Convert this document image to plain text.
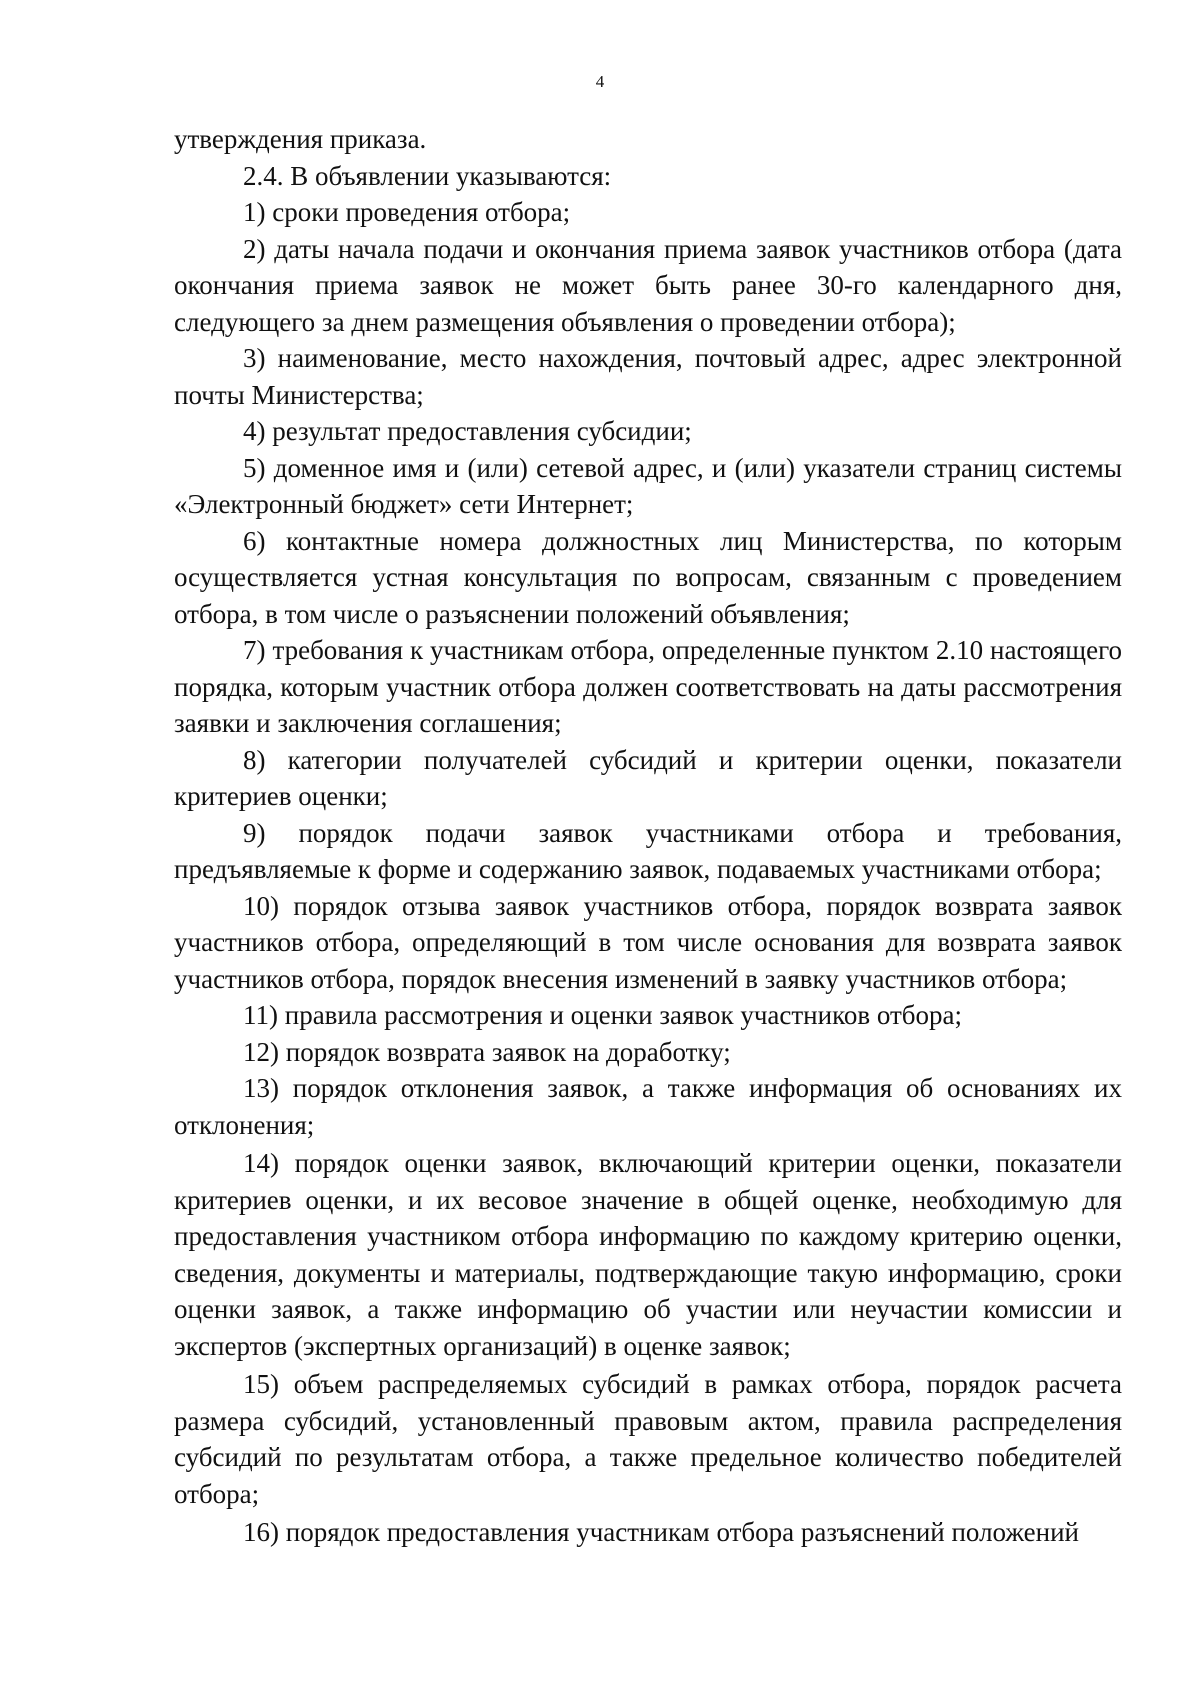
4

утверждения приказа.

2.4. В объявлении указываются:

1) сроки проведения отбора;

2) даты начала подачи и окончания приема заявок участников отбора (дата окончания приема заявок не может быть ранее 30-го календарного дня, следующего за днем размещения объявления о проведении отбора);

3) наименование, место нахождения, почтовый адрес, адрес электронной почты Министерства;

4) результат предоставления субсидии;

5) доменное имя и (или) сетевой адрес, и (или) указатели страниц системы «Электронный бюджет» сети Интернет;

6) контактные номера должностных лиц Министерства, по которым осуществляется устная консультация по вопросам, связанным с проведением отбора, в том числе о разъяснении положений объявления;

7) требования к участникам отбора, определенные пунктом 2.10 настоящего порядка, которым участник отбора должен соответствовать на даты рассмотрения заявки и заключения соглашения;

8) категории получателей субсидий и критерии оценки, показатели критериев оценки;

9) порядок подачи заявок участниками отбора и требования, предъявляемые к форме и содержанию заявок, подаваемых участниками отбора;

10) порядок отзыва заявок участников отбора, порядок возврата заявок участников отбора, определяющий в том числе основания для возврата заявок участников отбора, порядок внесения изменений в заявку участников отбора;

11) правила рассмотрения и оценки заявок участников отбора;

12) порядок возврата заявок на доработку;

13) порядок отклонения заявок, а также информация об основаниях их отклонения;

14) порядок оценки заявок, включающий критерии оценки, показатели критериев оценки, и их весовое значение в общей оценке, необходимую для предоставления участником отбора информацию по каждому критерию оценки, сведения, документы и материалы, подтверждающие такую информацию, сроки оценки заявок, а также информацию об участии или неучастии комиссии и экспертов (экспертных организаций) в оценке заявок;

15) объем распределяемых субсидий в рамках отбора, порядок расчета размера субсидий, установленный правовым актом, правила распределения субсидий по результатам отбора, а также предельное количество победителей отбора;

16) порядок предоставления участникам отбора разъяснений положений
